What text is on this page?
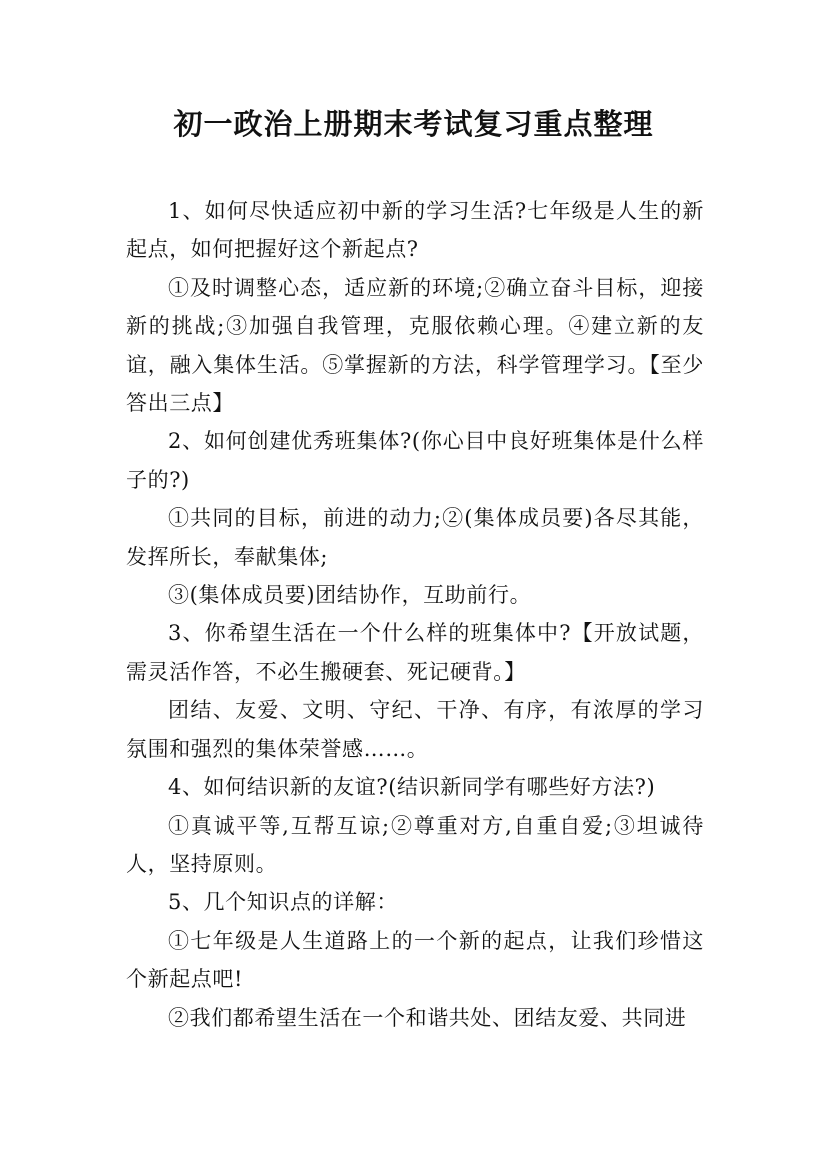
初一政治上册期末考试复习重点整理

1、如何尽快适应初中新的学习生活?七年级是人生的新起点，如何把握好这个新起点?

①及时调整心态，适应新的环境;②确立奋斗目标，迎接新的挑战;③加强自我管理，克服依赖心理。④建立新的友谊，融入集体生活。⑤掌握新的方法，科学管理学习。【至少答出三点】

2、如何创建优秀班集体?(你心目中良好班集体是什么样子的?)

①共同的目标，前进的动力;②(集体成员要)各尽其能，发挥所长，奉献集体;

③(集体成员要)团结协作，互助前行。

3、你希望生活在一个什么样的班集体中?【开放试题，需灵活作答，不必生搬硬套、死记硬背。】

团结、友爱、文明、守纪、干净、有序，有浓厚的学习氛围和强烈的集体荣誉感……。

4、如何结识新的友谊?(结识新同学有哪些好方法?)

①真诚平等,互帮互谅;②尊重对方,自重自爱;③坦诚待人，坚持原则。

5、几个知识点的详解：

①七年级是人生道路上的一个新的起点，让我们珍惜这个新起点吧!

②我们都希望生活在一个和谐共处、团结友爱、共同进
